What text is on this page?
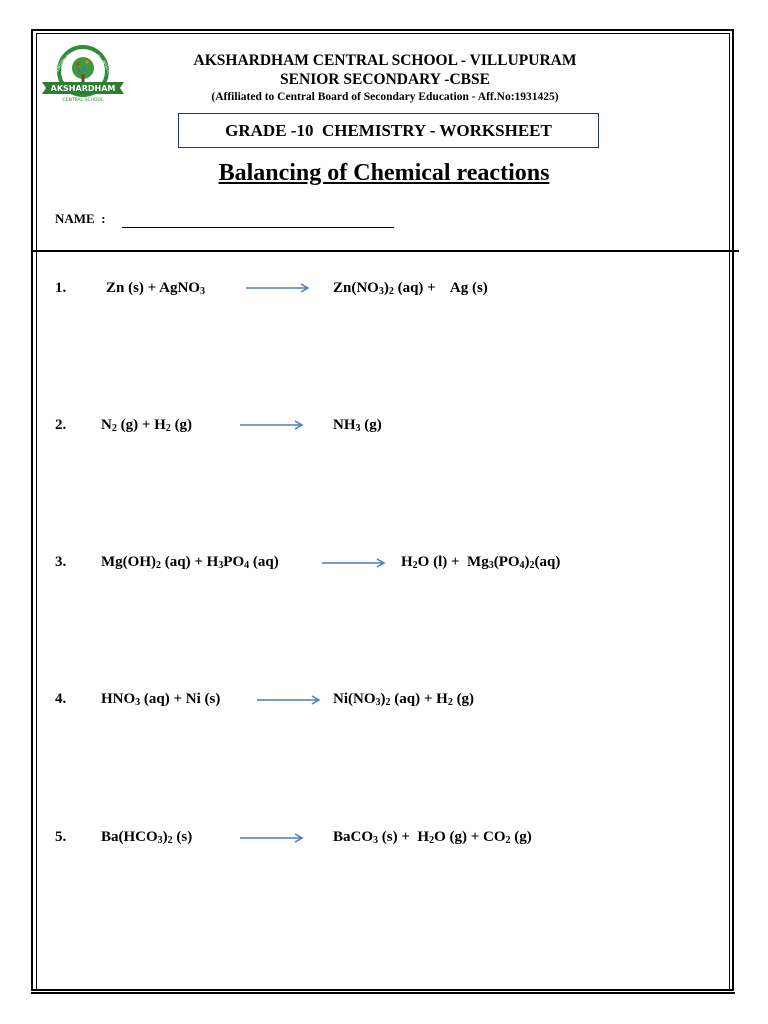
KNOWLEDGE · WISDOM · WISDOM
AKSHARDHAM
CENTRAL SCHOOL
AKSHARDHAM CENTRAL SCHOOL - VILLUPURAM
SENIOR SECONDARY -CBSE
(Affiliated to Central Board of Secondary Education - Aff.No:1931425)
GRADE -10  CHEMISTRY - WORKSHEET
Balancing of Chemical reactions
NAME  :
1.	Zn (s) + AgNO$_3$	$Zn(NO_3)_2$ (aq) +    Ag (s)
2. $N_2$ $(g) + H_2$ (g)	$NH_3$ (g)
3. $Mg(OH)_2$ $(aq) + H_3PO_4$ (aq)	$H_2O$ $(l) + Mg_3(PO_4)_2(aq)$
4. $HNO_3$ (aq) + Ni (s)	$Ni(NO_3)_2$ $(aq) + H_2$ (g)
5. $Ba(HCO_3)_2$ (s)	BaCO$_3$ $(s) + H_2O$ $(g) + CO_2$ (g)
